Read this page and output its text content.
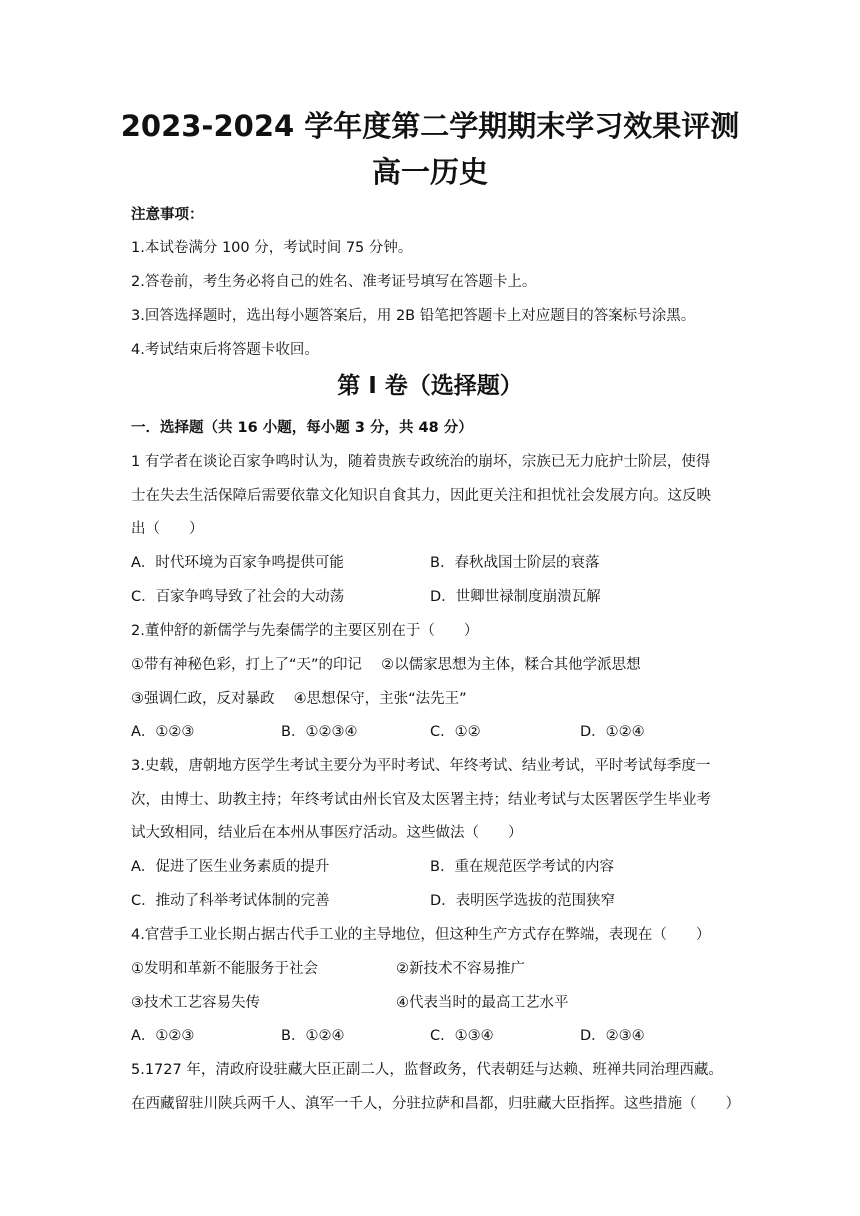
2023-2024 学年度第二学期期末学习效果评测
高一历史
注意事项：
1.本试卷满分 100 分，考试时间 75 分钟。
2.答卷前，考生务必将自己的姓名、准考证号填写在答题卡上。
3.回答选择题时，选出每小题答案后，用 2B 铅笔把答题卡上对应题目的答案标号涂黑。
4.考试结束后将答题卡收回。
第 I 卷（选择题）
一．选择题（共 16 小题，每小题 3 分，共 48 分）
1 有学者在谈论百家争鸣时认为，随着贵族专政统治的崩坏，宗族已无力庇护士阶层，使得
士在失去生活保障后需要依靠文化知识自食其力，因此更关注和担忧社会发展方向。这反映
出（　　）
A．时代环境为百家争鸣提供可能	B．春秋战国士阶层的衰落
C．百家争鸣导致了社会的大动荡	D．世卿世禄制度崩溃瓦解
2.董仲舒的新儒学与先秦儒学的主要区别在于（　　）
①带有神秘色彩，打上了“天”的印记　 ②以儒家思想为主体，糅合其他学派思想
③强调仁政，反对暴政　 ④思想保守，主张“法先王”
A．①②③	B．①②③④	C．①②	D．①②④
3.史载，唐朝地方医学生考试主要分为平时考试、年终考试、结业考试，平时考试每季度一
次，由博士、助教主持；年终考试由州长官及太医署主持；结业考试与太医署医学生毕业考
试大致相同，结业后在本州从事医疗活动。这些做法（　　）
A．促进了医生业务素质的提升	B．重在规范医学考试的内容
C．推动了科举考试体制的完善	D．表明医学选拔的范围狭窄
4.官营手工业长期占据古代手工业的主导地位，但这种生产方式存在弊端，表现在（　　）
①发明和革新不能服务于社会	②新技术不容易推广
③技术工艺容易失传	④代表当时的最高工艺水平
A．①②③	B．①②④	C．①③④	D．②③④
5.1727 年，清政府设驻藏大臣正副二人，监督政务，代表朝廷与达赖、班禅共同治理西藏。
在西藏留驻川陕兵两千人、滇军一千人，分驻拉萨和昌都，归驻藏大臣指挥。这些措施（　　）
